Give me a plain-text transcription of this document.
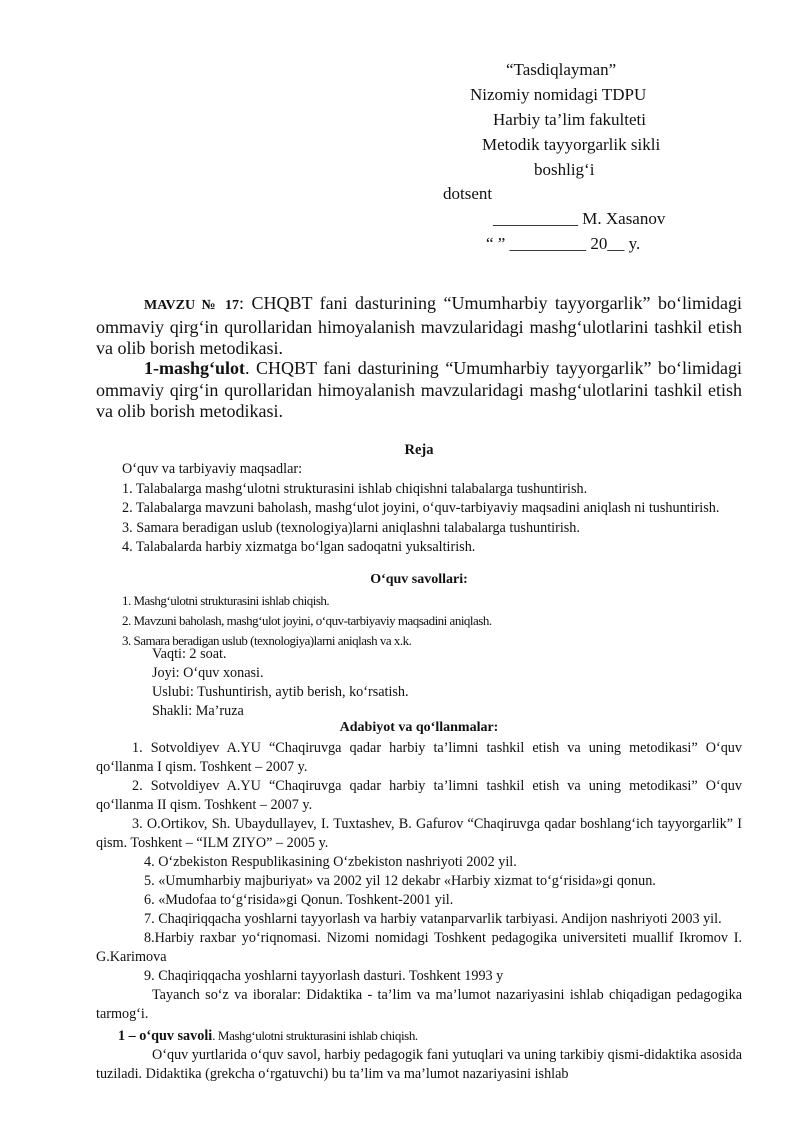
“Tasdiqlayman”
Nizomiy nomidagi TDPU
Harbiy ta’lim fakulteti
Metodik tayyorgarlik sikli
boshlig‘i
dotsent
__________ M. Xasanov
“ ” _________ 20__ y.
MAVZU № 17: CHQBT fani dasturining “Umumharbiy tayyorgarlik” bo‘limidagi ommaviy qirg‘in qurollaridan himoyalanish mavzularidagi mashg‘ulotlarini tashkil etish va olib borish metodikasi.
1-mashg‘ulot. CHQBT fani dasturining “Umumharbiy tayyorgarlik” bo‘limidagi ommaviy qirg‘in qurollaridan himoyalanish mavzularidagi mashg‘ulotlarini tashkil etish va olib borish metodikasi.
Reja

O‘quv va tarbiyaviy maqsadlar:

1. Talabalarga mashg‘ulotni strukturasini ishlab chiqishni talabalarga tushuntirish.

2. Talabalarga mavzuni baholash, mashg‘ulot joyini, o‘quv-tarbiyaviy maqsadini aniqlash ni tushuntirish.

3. Samara beradigan uslub (texnologiya)larni aniqlashni talabalarga tushuntirish.

4. Talabalarda harbiy xizmatga bo‘lgan sadoqatni yuksaltirish.

O‘quv savollari:

1. Mashg‘ulotni strukturasini ishlab chiqish.

2. Mavzuni baholash, mashg‘ulot joyini, o‘quv-tarbiyaviy maqsadini aniqlash.

3. Samara beradigan uslub (texnologiya)larni aniqlash va x.k.

Vaqti: 2 soat.

Joyi: O‘quv xonasi.

Uslubi: Tushuntirish, aytib berish, ko‘rsatish.

Shakli: Ma’ruza

Adabiyot va qo‘llanmalar:

1. Sotvoldiyev A.YU “Chaqiruvga qadar harbiy ta’limni tashkil etish va uning metodikasi” O‘quv qo‘llanma I qism. Toshkent – 2007 y.

2. Sotvoldiyev A.YU “Chaqiruvga qadar harbiy ta’limni tashkil etish va uning metodikasi” O‘quv qo‘llanma II qism. Toshkent – 2007 y.

3. O.Ortikov, Sh. Ubaydullayev, I. Tuxtashev, B. Gafurov “Chaqiruvga qadar boshlang‘ich tayyorgarlik” I qism. Toshkent – “ILM ZIYO” – 2005 y.

4. O‘zbekiston Respublikasining O‘zbekiston nashriyoti 2002 yil.

5. «Umumharbiy majburiyat» va 2002 yil 12 dekabr «Harbiy xizmat to‘g‘risida»gi qonun.

6. «Mudofaa to‘g‘risida»gi Qonun. Toshkent-2001 yil.

7. Chaqiriqqacha yoshlarni tayyorlash va harbiy vatanparvarlik tarbiyasi. Andijon nashriyoti 2003 yil.

8.Harbiy raxbar yo‘riqnomasi. Nizomi nomidagi Toshkent pedagogika universiteti muallif Ikromov I. G.Karimova

9. Chaqiriqqacha yoshlarni tayyorlash dasturi. Toshkent 1993 y

Tayanch so‘z va iboralar: Didaktika - ta’lim va ma’lumot nazariyasini ishlab chiqadigan pedagogika tarmog‘i.

1 – o‘quv savoli. Mashg‘ulotni strukturasini ishlab chiqish.

O‘quv yurtlarida o‘quv savol, harbiy pedagogik fani yutuqlari va uning tarkibiy qismi-didaktika asosida tuziladi. Didaktika (grekcha o‘rgatuvchi) bu ta’lim va ma’lumot nazariyasini ishlab
